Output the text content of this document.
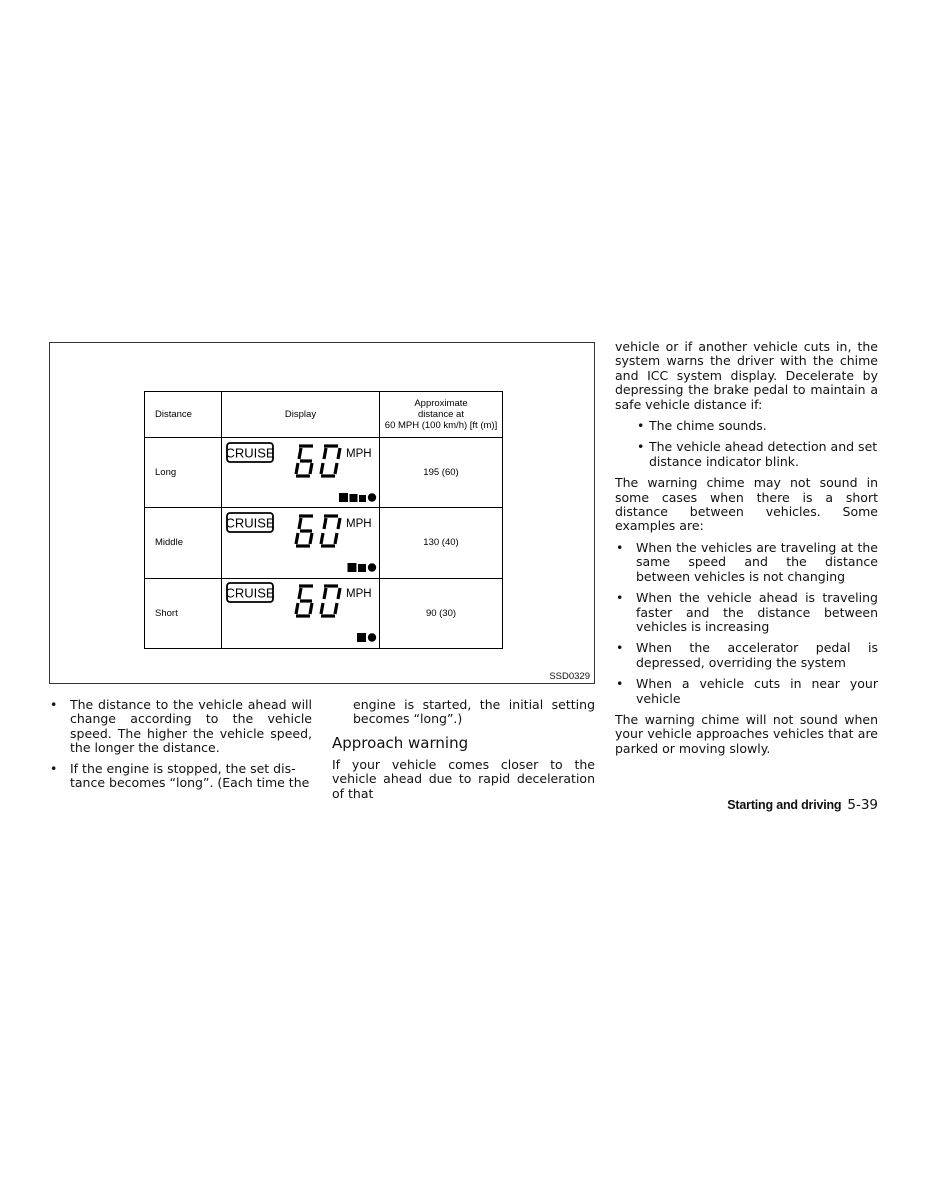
Distance	Display	Approximate
distance at
60 MPH (100 km/h) [ft (m)]
Long	CRUISE MPH	195 (60)
Middle	CRUISE MPH	130 (40)
Short	CRUISE MPH	90 (30)
SSD0329
• The distance to the vehicle ahead will change according to the vehicle speed. The higher the vehicle speed, the longer the distance.
• If the engine is stopped, the set dis-
tance becomes “long”. (Each time the

engine is started, the initial setting becomes “long”.)

Approach warning

If your vehicle comes closer to the vehicle ahead due to rapid deceleration of that

vehicle or if another vehicle cuts in, the system warns the driver with the chime and ICC system display. Decelerate by depressing the brake pedal to maintain a safe vehicle distance if:

• The chime sounds.
• The vehicle ahead detection and set distance indicator blink.

The warning chime may not sound in some cases when there is a short distance between vehicles. Some examples are:

• When the vehicles are traveling at the same speed and the distance between vehicles is not changing
• When the vehicle ahead is traveling faster and the distance between vehicles is increasing
• When the accelerator pedal is depressed, overriding the system
• When a vehicle cuts in near your vehicle

The warning chime will not sound when your vehicle approaches vehicles that are parked or moving slowly.

Starting and driving 5-39
